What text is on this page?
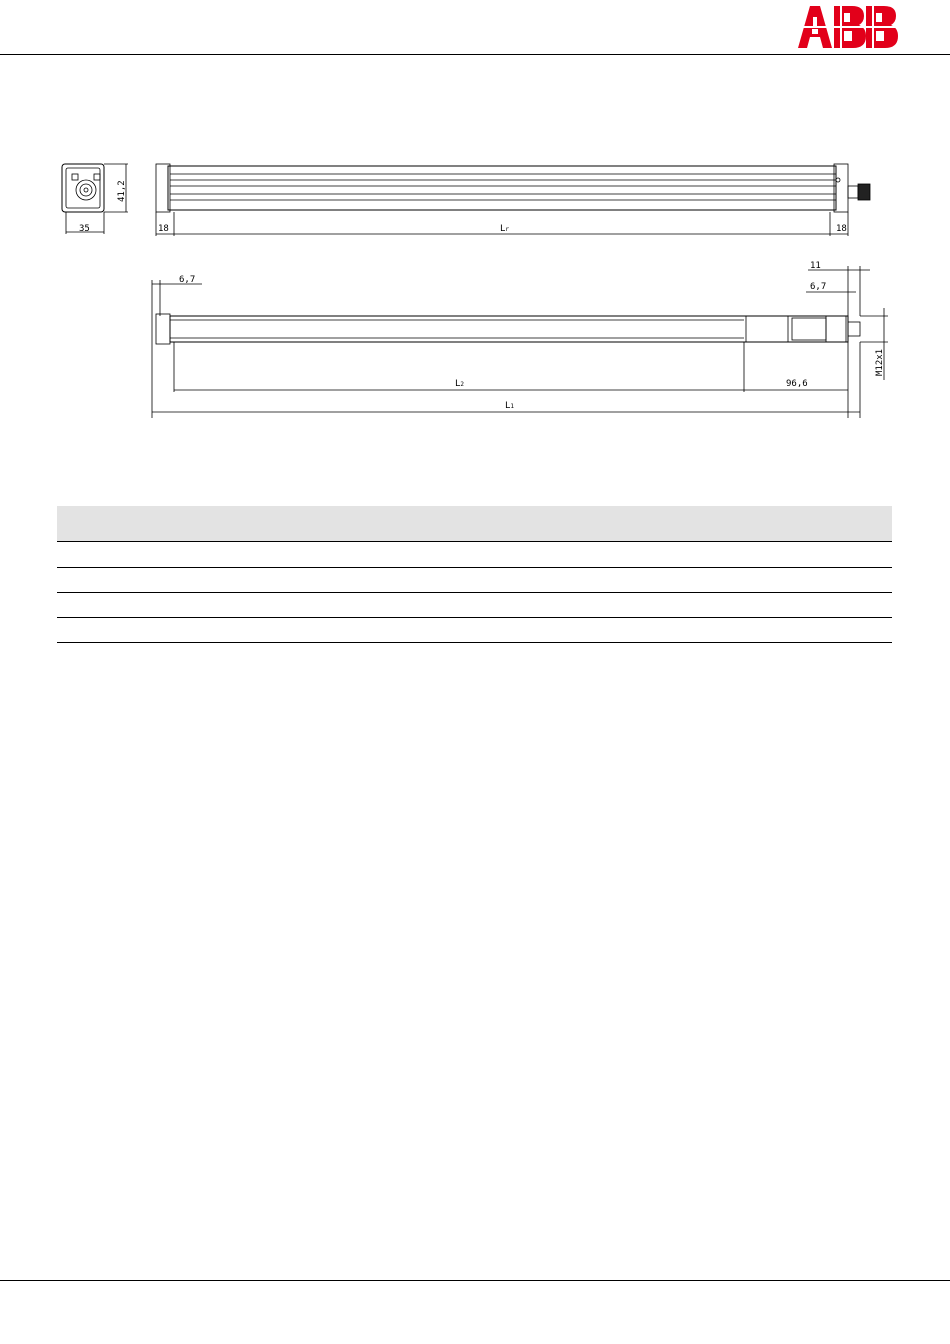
35
41,2
18	Lr	18
6,7
M12x1
11
6,7
L2	96,6
L1
